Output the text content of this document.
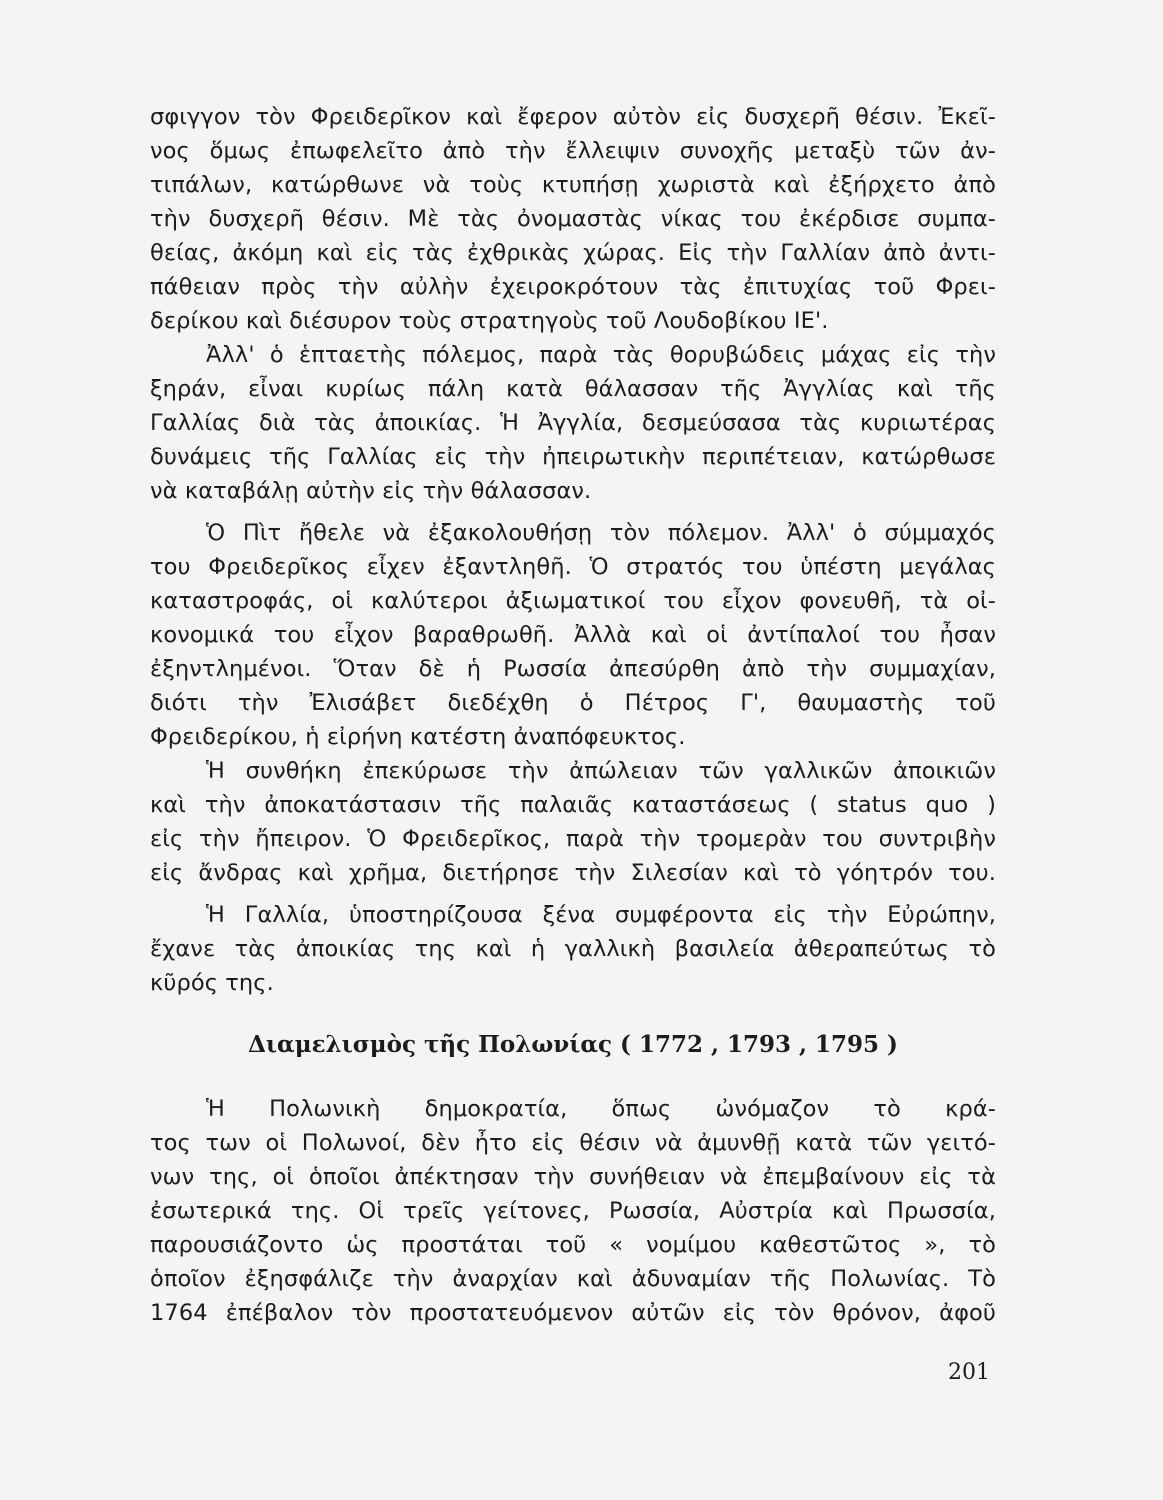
σφιγγον τὸν Φρειδερῖκον καὶ ἔφερον αὐτὸν εἰς δυσχερῆ θέσιν. Ἐκεῖ-
νος ὅμως ἐπωφελεῖτο ἀπὸ τὴν ἔλλειψιν συνοχῆς μεταξὺ τῶν ἀν-
τιπάλων, κατώρθωνε νὰ τοὺς κτυπήσῃ χωριστὰ καὶ ἐξήρχετο ἀπὸ
τὴν δυσχερῆ θέσιν. Μὲ τὰς ὀνομαστὰς νίκας του ἐκέρδισε συμπα-
θείας, ἀκόμη καὶ εἰς τὰς ἐχθρικὰς χώρας. Εἰς τὴν Γαλλίαν ἀπὸ ἀντι-
πάθειαν πρὸς τὴν αὐλὴν ἐχειροκρότουν τὰς ἐπιτυχίας τοῦ Φρει-
δερίκου καὶ διέσυρον τοὺς στρατηγοὺς τοῦ Λουδοβίκου ΙΕ'.
Ἀλλ' ὁ ἑπταετὴς πόλεμος, παρὰ τὰς θορυβώδεις μάχας εἰς τὴν
ξηράν, εἶναι κυρίως πάλη κατὰ θάλασσαν τῆς Ἀγγλίας καὶ τῆς
Γαλλίας διὰ τὰς ἀποικίας. Ἡ Ἀγγλία, δεσμεύσασα τὰς κυριωτέρας
δυνάμεις τῆς Γαλλίας εἰς τὴν ἠπειρωτικὴν περιπέτειαν, κατώρθωσε
νὰ καταβάλῃ αὐτὴν εἰς τὴν θάλασσαν.
Ὁ Πὶτ ἤθελε νὰ ἐξακολουθήσῃ τὸν πόλεμον. Ἀλλ' ὁ σύμμαχός
του Φρειδερῖκος εἶχεν ἐξαντληθῆ. Ὁ στρατός του ὑπέστη μεγάλας
καταστροφάς, οἱ καλύτεροι ἀξιωματικοί του εἶχον φονευθῆ, τὰ οἰ-
κονομικά του εἶχον βαραθρωθῆ. Ἀλλὰ καὶ οἱ ἀντίπαλοί του ἦσαν
ἐξηντλημένοι. Ὅταν δὲ ἡ Ρωσσία ἀπεσύρθη ἀπὸ τὴν συμμαχίαν,
διότι τὴν Ἐλισάβετ διεδέχθη ὁ Πέτρος Γ', θαυμαστὴς τοῦ
Φρειδερίκου, ἡ εἰρήνη κατέστη ἀναπόφευκτος.
Ἡ συνθήκη ἐπεκύρωσε τὴν ἀπώλειαν τῶν γαλλικῶν ἀποικιῶν
καὶ τὴν ἀποκατάστασιν τῆς παλαιᾶς καταστάσεως ( status quo )
εἰς τὴν ἤπειρον. Ὁ Φρειδερῖκος, παρὰ τὴν τρομερὰν του συντριβὴν
εἰς ἄνδρας καὶ χρῆμα, διετήρησε τὴν Σιλεσίαν καὶ τὸ γόητρόν του.
Ἡ Γαλλία, ὑποστηρίζουσα ξένα συμφέροντα εἰς τὴν Εὐρώπην,
ἔχανε τὰς ἀποικίας της καὶ ἡ γαλλικὴ βασιλεία ἀθεραπεύτως τὸ
κῦρός της.
Διαμελισμὸς τῆς Πολωνίας ( 1772 , 1793 , 1795 )
Ἡ Πολωνικὴ δημοκρατία, ὅπως ὠνόμαζον τὸ κρά-
τος των οἱ Πολωνοί, δὲν ἦτο εἰς θέσιν νὰ ἀμυνθῇ κατὰ τῶν γειτό-
νων της, οἱ ὁποῖοι ἀπέκτησαν τὴν συνήθειαν νὰ ἐπεμβαίνουν εἰς τὰ
ἐσωτερικά της. Οἱ τρεῖς γείτονες, Ρωσσία, Αὐστρία καὶ Πρωσσία,
παρουσιάζοντο ὡς προστάται τοῦ « νομίμου καθεστῶτος », τὸ
ὁποῖον ἐξησφάλιζε τὴν ἀναρχίαν καὶ ἀδυναμίαν τῆς Πολωνίας. Τὸ
1764 ἐπέβαλον τὸν προστατευόμενον αὐτῶν εἰς τὸν θρόνον, ἀφοῦ
201
